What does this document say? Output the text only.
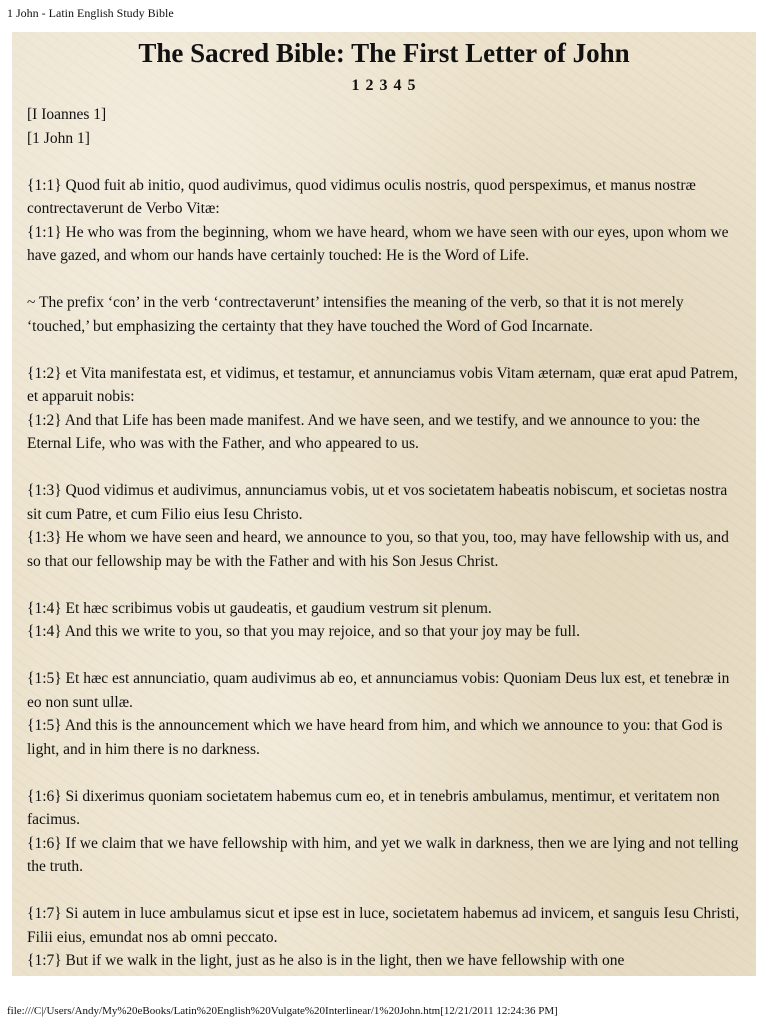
1 John - Latin English Study Bible
The Sacred Bible: The First Letter of John
1 2 3 4 5

[I Ioannes 1]

[1 John 1]

{1:1} Quod fuit ab initio, quod audivimus, quod vidimus oculis nostris, quod perspeximus, et manus nostræ contrectaverunt de Verbo Vitæ:

{1:1} He who was from the beginning, whom we have heard, whom we have seen with our eyes, upon whom we have gazed, and whom our hands have certainly touched: He is the Word of Life.

~ The prefix ‘con’ in the verb ‘contrectaverunt’ intensifies the meaning of the verb, so that it is not merely ‘touched,’ but emphasizing the certainty that they have touched the Word of God Incarnate.

{1:2} et Vita manifestata est, et vidimus, et testamur, et annunciamus vobis Vitam æternam, quæ erat apud Patrem, et apparuit nobis:

{1:2} And that Life has been made manifest. And we have seen, and we testify, and we announce to you: the Eternal Life, who was with the Father, and who appeared to us.

{1:3} Quod vidimus et audivimus, annunciamus vobis, ut et vos societatem habeatis nobiscum, et societas nostra sit cum Patre, et cum Filio eius Iesu Christo.

{1:3} He whom we have seen and heard, we announce to you, so that you, too, may have fellowship with us, and so that our fellowship may be with the Father and with his Son Jesus Christ.

{1:4} Et hæc scribimus vobis ut gaudeatis, et gaudium vestrum sit plenum.

{1:4} And this we write to you, so that you may rejoice, and so that your joy may be full.

{1:5} Et hæc est annunciatio, quam audivimus ab eo, et annunciamus vobis: Quoniam Deus lux est, et tenebræ in eo non sunt ullæ.

{1:5} And this is the announcement which we have heard from him, and which we announce to you: that God is light, and in him there is no darkness.

{1:6} Si dixerimus quoniam societatem habemus cum eo, et in tenebris ambulamus, mentimur, et veritatem non facimus.

{1:6} If we claim that we have fellowship with him, and yet we walk in darkness, then we are lying and not telling the truth.

{1:7} Si autem in luce ambulamus sicut et ipse est in luce, societatem habemus ad invicem, et sanguis Iesu Christi, Filii eius, emundat nos ab omni peccato.

{1:7} But if we walk in the light, just as he also is in the light, then we have fellowship with one

file:///C|/Users/Andy/My%20eBooks/Latin%20English%20Vulgate%20Interlinear/1%20John.htm[12/21/2011 12:24:36 PM]
